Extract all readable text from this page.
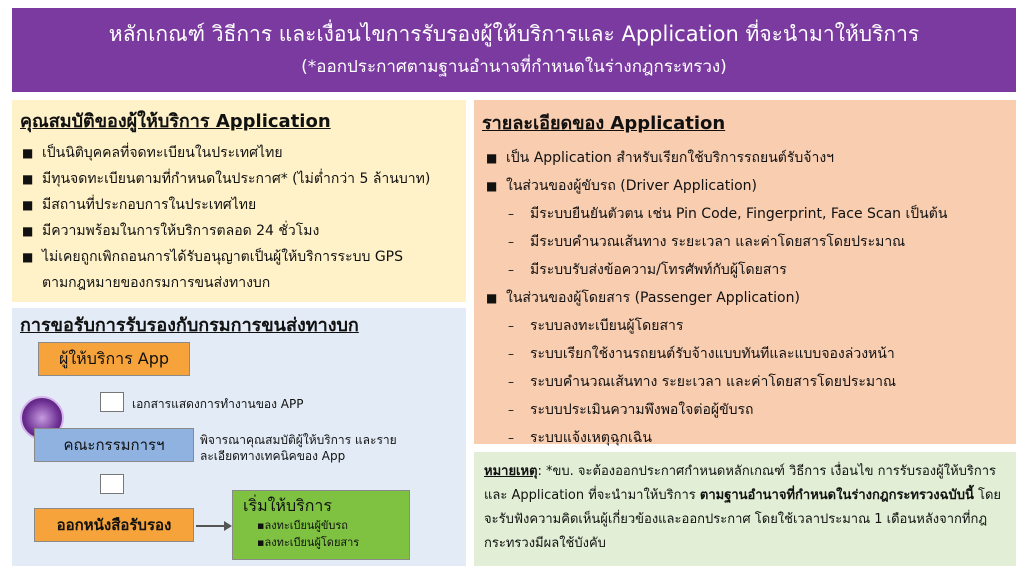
หลักเกณฑ์ วิธีการ และเงื่อนไขการรับรองผู้ให้บริการและ Application ที่จะนำมาให้บริการ
(*ออกประกาศตามฐานอำนาจที่กำหนดในร่างกฎกระทรวง)
คุณสมบัติของผู้ให้บริการ Application
■ เป็นนิติบุคคลที่จดทะเบียนในประเทศไทย
■ มีทุนจดทะเบียนตามที่กำหนดในประกาศ* (ไม่ต่ำกว่า 5 ล้านบาท)
■ มีสถานที่ประกอบการในประเทศไทย
■ มีความพร้อมในการให้บริการตลอด 24 ชั่วโมง
■ ไม่เคยถูกเพิกถอนการได้รับอนุญาตเป็นผู้ให้บริการระบบ GPS
ตามกฎหมายของกรมการขนส่งทางบก
การขอรับการรับรองกับกรมการขนส่งทางบก
ผู้ให้บริการ App
เอกสารแสดงการทำงานของ APP
คณะกรรมการฯ	พิจารณาคุณสมบัติผู้ให้บริการ และรายละเอียดทางเทคนิคของ App
ออกหนังสือรับรอง
เริ่มให้บริการ
▪ลงทะเบียนผู้ขับรถ
▪ลงทะเบียนผู้โดยสาร
รายละเอียดของ Application
■ เป็น Application สำหรับเรียกใช้บริการรถยนต์รับจ้างฯ
■ ในส่วนของผู้ขับรถ (Driver Application)
–	มีระบบยืนยันตัวตน เช่น Pin Code, Fingerprint, Face Scan เป็นต้น
–	มีระบบคำนวณเส้นทาง ระยะเวลา และค่าโดยสารโดยประมาณ
–	มีระบบรับส่งข้อความ/โทรศัพท์กับผู้โดยสาร
■ ในส่วนของผู้โดยสาร (Passenger Application)
–	ระบบลงทะเบียนผู้โดยสาร
–	ระบบเรียกใช้งานรถยนต์รับจ้างแบบทันทีและแบบจองล่วงหน้า
–	ระบบคำนวณเส้นทาง ระยะเวลา และค่าโดยสารโดยประมาณ
–	ระบบประเมินความพึงพอใจต่อผู้ขับรถ
–	ระบบแจ้งเหตุฉุกเฉิน
หมายเหตุ: *ขบ. จะต้องออกประกาศกำหนดหลักเกณฑ์ วิธีการ เงื่อนไข การรับรองผู้ให้บริการและ Application ที่จะนำมาให้บริการ ตามฐานอำนาจที่กำหนดในร่างกฎกระทรวงฉบับนี้ โดยจะรับฟังความคิดเห็นผู้เกี่ยวข้องและออกประกาศ โดยใช้เวลาประมาณ 1 เดือนหลังจากที่กฎกระทรวงมีผลใช้บังคับ
